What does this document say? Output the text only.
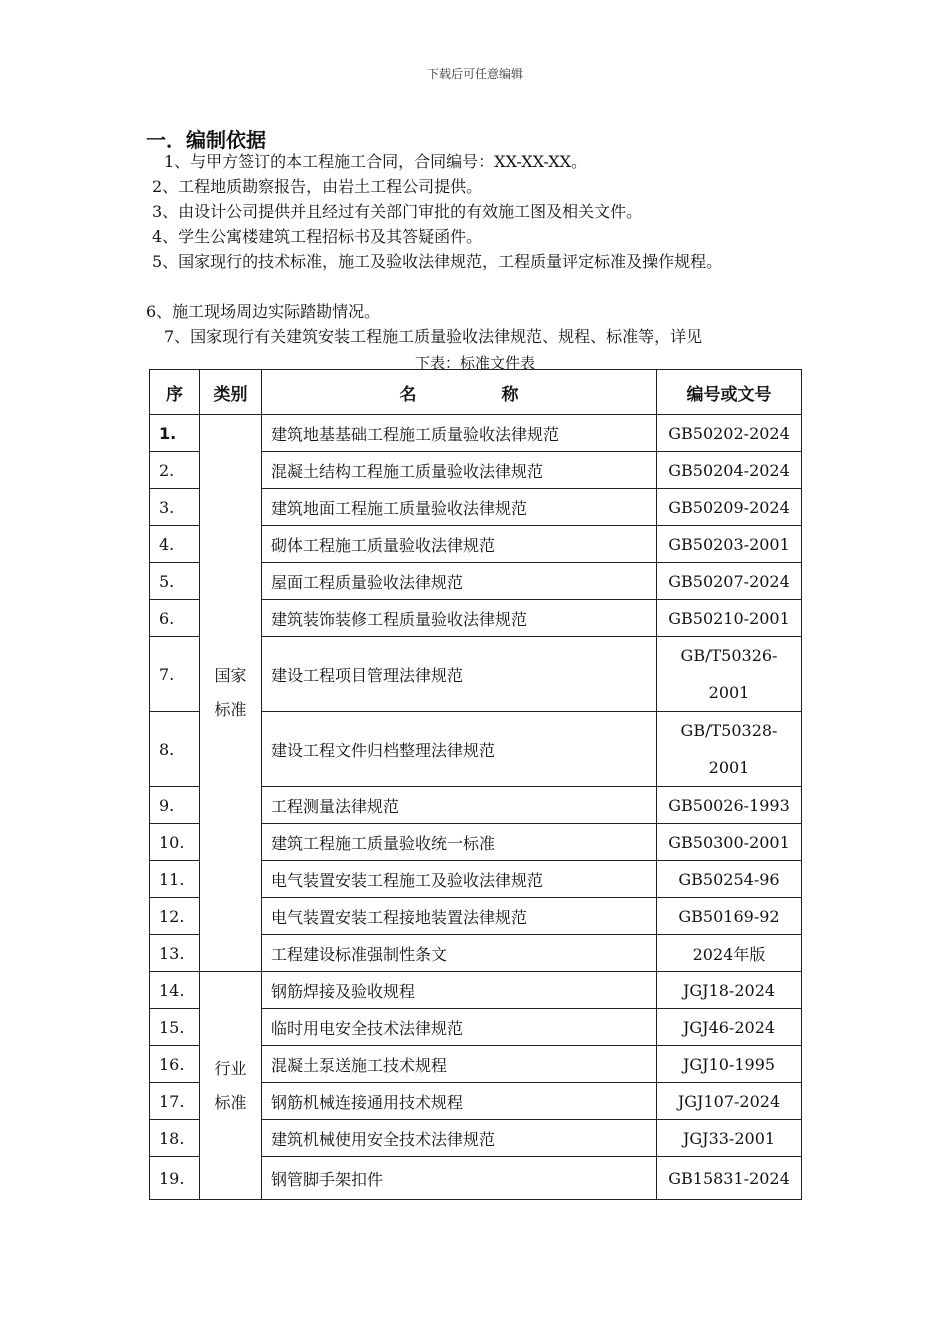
下载后可任意编辑
一．编制依据
1、与甲方签订的本工程施工合同，合同编号：XX-XX-XX。
2、工程地质勘察报告，由岩土工程公司提供。
3、由设计公司提供并且经过有关部门审批的有效施工图及相关文件。
4、学生公寓楼建筑工程招标书及其答疑函件。
5、国家现行的技术标准，施工及验收法律规范，工程质量评定标准及操作规程。
6、施工现场周边实际踏勘情况。
7、国家现行有关建筑安装工程施工质量验收法律规范、规程、标准等，详见
下表：标准文件表
序	类别	名　　　　　称	编号或文号
1.	国家标准	建筑地基基础工程施工质量验收法律规范	GB50202-2024
2.		混凝土结构工程施工质量验收法律规范	GB50204-2024
3.		建筑地面工程施工质量验收法律规范	GB50209-2024
4.		砌体工程施工质量验收法律规范	GB50203-2001
5.		屋面工程质量验收法律规范	GB50207-2024
6.		建筑装饰装修工程质量验收法律规范	GB50210-2001
7.		建设工程项目管理法律规范	GB/T50326-
2001

8.		建设工程文件归档整理法律规范	GB/T50328-
2001

9.		工程测量法律规范	GB50026-1993
10.		建筑工程施工质量验收统一标准	GB50300-2001
11.		电气装置安装工程施工及验收法律规范	GB50254-96
12.		电气装置安装工程接地装置法律规范	GB50169-92
13.		工程建设标准强制性条文	2024年版
14.	行业标准	钢筋焊接及验收规程	JGJ18-2024
15.		临时用电安全技术法律规范	JGJ46-2024
16.		混凝土泵送施工技术规程	JGJ10-1995
17.		钢筋机械连接通用技术规程	JGJ107-2024
18.		建筑机械使用安全技术法律规范	JGJ33-2001
19.		钢管脚手架扣件	GB15831-2024
